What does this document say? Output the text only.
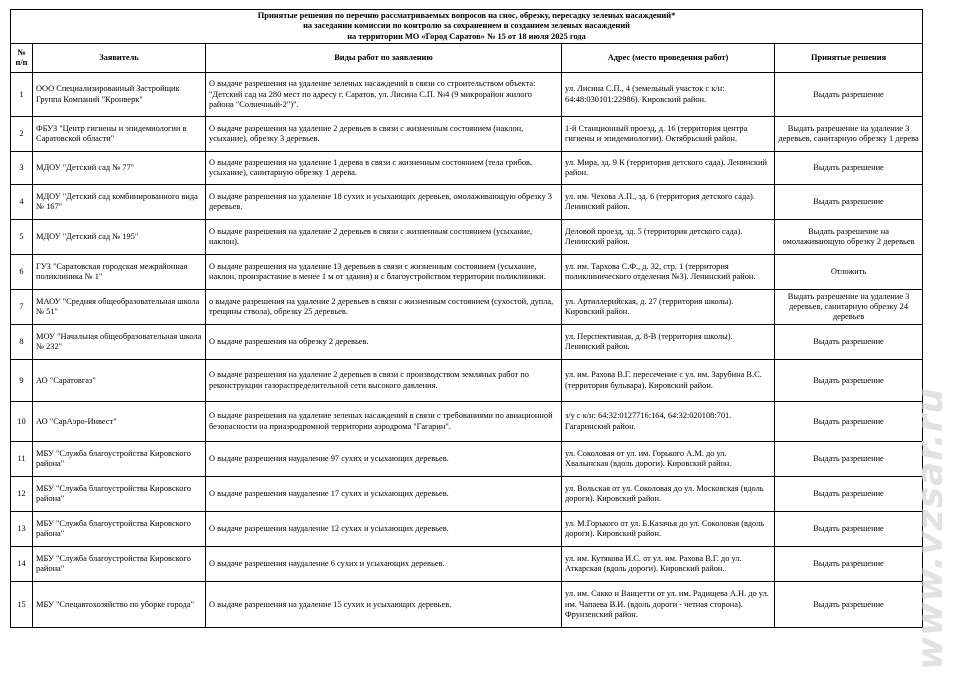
Принятые решения по перечню рассматриваемых вопросов на снос, обрезку, пересадку зеленых насаждений*
на заседании комиссии по контролю за сохранением и созданием зеленых насаждений
на территории МО «Город Саратов» № 15 от 18 июля 2025 года				

№
п/п	Заявитель	Виды работ по заявлению	Адрес (место проведения работ)	Принятые решения
1	ООО Специализированный Застройщик Группа Компаний "Кронверк"	О выдаче разрешения на удаление зеленых насаждений в связи со строительством объекта: "Детский сад на 280 мест по адресу г. Саратов, ул. Лисина С.П. №4 (9 микрорайон жилого района "Солнечный-2")".	ул. Лисина С.П., 4 (земельный участок с к/н: 64:48:030101:22986). Кировский район.	Выдать разрешение
2	ФБУЗ "Центр гигиены и эпидемиологии в Саратовской области"	О выдаче разрешения на удаление 2 деревьев в связи с жизненным состоянием (наклон, усыхание), обрезку 3 деревьев.	1-й Станционный проезд, д. 16 (территория центра гигиены и эпидемиологии). Октябрьский район.	Выдать разрешение на удаление 3 деревьев, санитарную обрезку 1 дерева
3	МДОУ "Детский сад № 77"	О выдаче разрешения на удаление 1 дерева в связи с жизненным состоянием (тела грибов, усыхание), санитарную обрезку 1 дерева.	ул. Мира, зд. 9 К (территория детского сада). Ленинский район.	Выдать разрешение
4	МДОУ "Детский сад комбинированного вида № 167"	О выдаче разрешения на удаление 18 сухих и усыхающих деревьев, омолаживающую обрезку 3 деревьев.	ул. им. Чехова А.П., зд. 6 (территория детского сада). Ленинский район.	Выдать разрешение
5	МДОУ "Детский сад № 195"	О выдаче разрешения на удаление 2 деревьев в связи с жизненным состоянием (усыхание, наклон).	Деловой проезд, зд. 5 (территория детского сада). Ленинский район.	Выдать разрешение на омолаживающую обрезку 2 деревьев
6	ГУЗ "Саратовская городская межрайонная поликлиника № 1"	О выдаче разрешения на удаление 13 деревьев в связи с жизненным состоянием (усыхание, наклон, произрастание в менее 1 м от здания) и с благоустройством территории поликлиники.	ул. им. Тархова С.Ф., д. 32, стр. 1 (территория поликлинического отделения №3). Ленинский район.	Отложить
7	МАОУ "Средняя общеобразовательная школа № 51"	о выдаче разрешения на удаление 2 деревьев в связи с жизненным состоянием (сухостой, дупла, трещины ствола), обрезку 25 деревьев.	ул. Артиллерийская, д. 27 (территория школы). Кировский район.	Выдать разрешение на удаление 3 деревьев, санитарную обрезку 24 деревьев
8	МОУ "Начальная общеобразовательная школа № 232"	О выдаче разрешения на обрезку 2 деревьев.	ул. Перспективная, д. 8-В (территория школы). Ленинский район.	Выдать разрешение
9	АО "Саратовгаз"	О выдаче разрешения на удаление 2 деревьев в связи с производством земляных работ по реконструкции газораспределительной сети высокого давления.	ул. им. Рахова В.Г. пересечение с ул. им. Зарубина В.С. (территория бульвара). Кировский район.	Выдать разрешение
10	АО "СарАэро-Инвест"	О выдаче разрешения на удаление зеленых насаждений в связи с требованиями по авиационной безопасности на приаэродромной территории аэродрома "Гагарин".	з/у с к/н: 64:32:0127716:164, 64:32:020108:701. Гагаринский район.	Выдать разрешение
11	МБУ "Служба благоустройства Кировского района"	О выдаче разрешения наудаление 97 сухих и усыхающих деревьев.	ул. Соколовая от ул. им. Горького А.М. до ул. Хвалынская (вдоль дороги). Кировский район.	Выдать разрешение
12	МБУ "Служба благоустройства Кировского района"	О выдаче разрешения наудаление 17 сухих и усыхающих деревьев.	ул. Вольская от ул. Соколовая до ул. Московская (вдоль дороги). Кировский район.	Выдать разрешение
13	МБУ "Служба благоустройства Кировского района"	О выдаче разрешения наудаление 12 сухих и усыхающих деревьев.	ул. М.Горького от ул. Б.Казачья до ул. Соколовая (вдоль дороги). Кировский район.	Выдать разрешение
14	МБУ "Служба благоустройства Кировского района"	О выдаче разрешения наудаление 6 сухих и усыхающих деревьев.	ул. им. Кутякова И.С. от ул. им. Рахова В.Г. до ул. Аткарская (вдоль дороги). Кировский район.	Выдать разрешение
15	МБУ "Спецавтохозяйство по уборке города"	О выдаче разрешения на удаление 15 сухих и усыхающих деревьев.	ул. им. Сакко и Ванцетти от ул. им. Радищева А.Н. до ул. им. Чапаева В.И. (вдоль дороги - четная сторона). Фрунзенский район.	Выдать разрешение www.vzsar.ru
